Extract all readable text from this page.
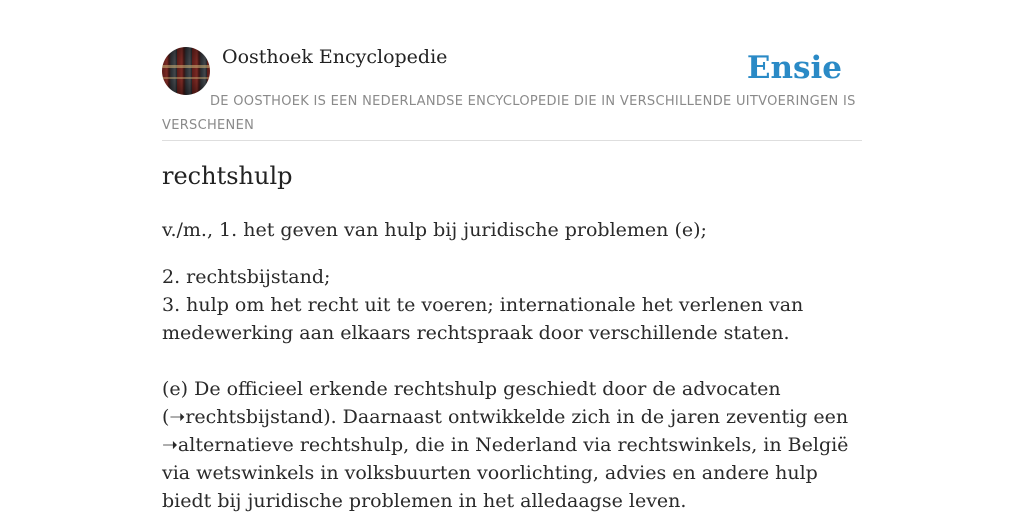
Oosthoek Encyclopedie	Ensie
DE OOSTHOEK IS EEN NEDERLANDSE ENCYCLOPEDIE DIE IN VERSCHILLENDE UITVOERINGEN IS VERSCHENEN
rechtshulp

v./m., 1. het geven van hulp bij juridische problemen (e);

2. rechtsbijstand;
3. hulp om het recht uit te voeren; internationale het verlenen van medewerking aan elkaars rechtspraak door verschillende staten.

(e) De officieel erkende rechtshulp geschiedt door de advocaten (➝rechtsbijstand). Daarnaast ontwikkelde zich in de jaren zeventig een ➝alternatieve rechtshulp, die in Nederland via rechtswinkels, in België via wetswinkels in volksbuurten voorlichting, advies en andere hulp biedt bij juridische problemen in het alledaagse leven.
